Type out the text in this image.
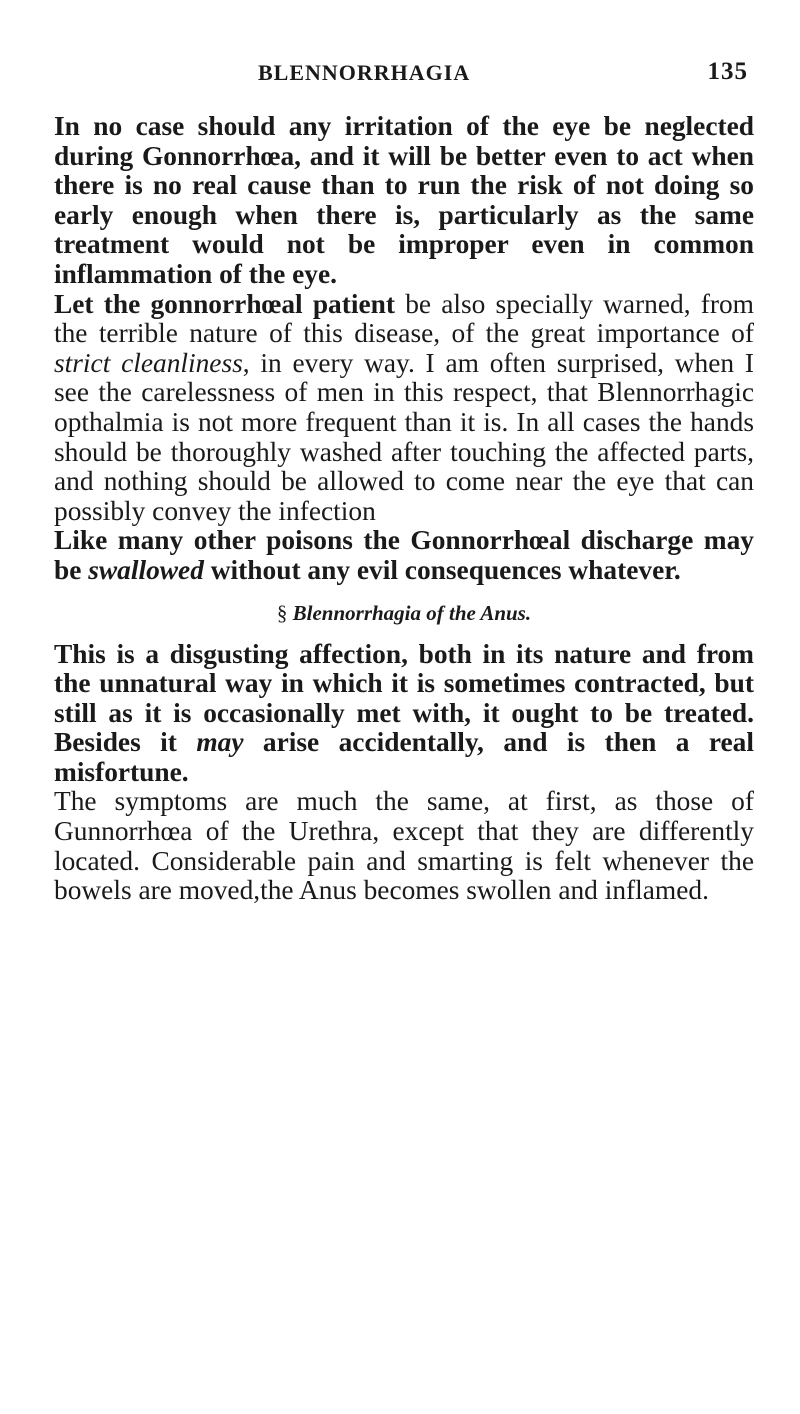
BLENNORRHAGIA	135

In no case should any irritation of the eye be neglected during Gonnorrhœa, and it will be better even to act when there is no real cause than to run the risk of not doing so early enough when there is, particularly as the same treatment would not be improper even in common inflammation of the eye.

Let the gonnorrhœal patient be also specially warned, from the terrible nature of this disease, of the great importance of strict cleanliness, in every way. I am often surprised, when I see the carelessness of men in this respect, that Blennorrhagic opthalmia is not more frequent than it is. In all cases the hands should be thoroughly washed after touching the affected parts, and nothing should be allowed to come near the eye that can possibly convey the infection

Like many other poisons the Gonnorrhœal discharge may be swallowed without any evil consequences whatever.

§ Blennorrhagia of the Anus.

This is a disgusting affection, both in its nature and from the unnatural way in which it is sometimes contracted, but still as it is occasionally met with, it ought to be treated. Besides it may arise accidentally, and is then a real misfortune.

The symptoms are much the same, at first, as those of Gunnorrhœa of the Urethra, except that they are differently located. Considerable pain and smarting is felt whenever the bowels are moved,the Anus becomes swollen and inflamed.
